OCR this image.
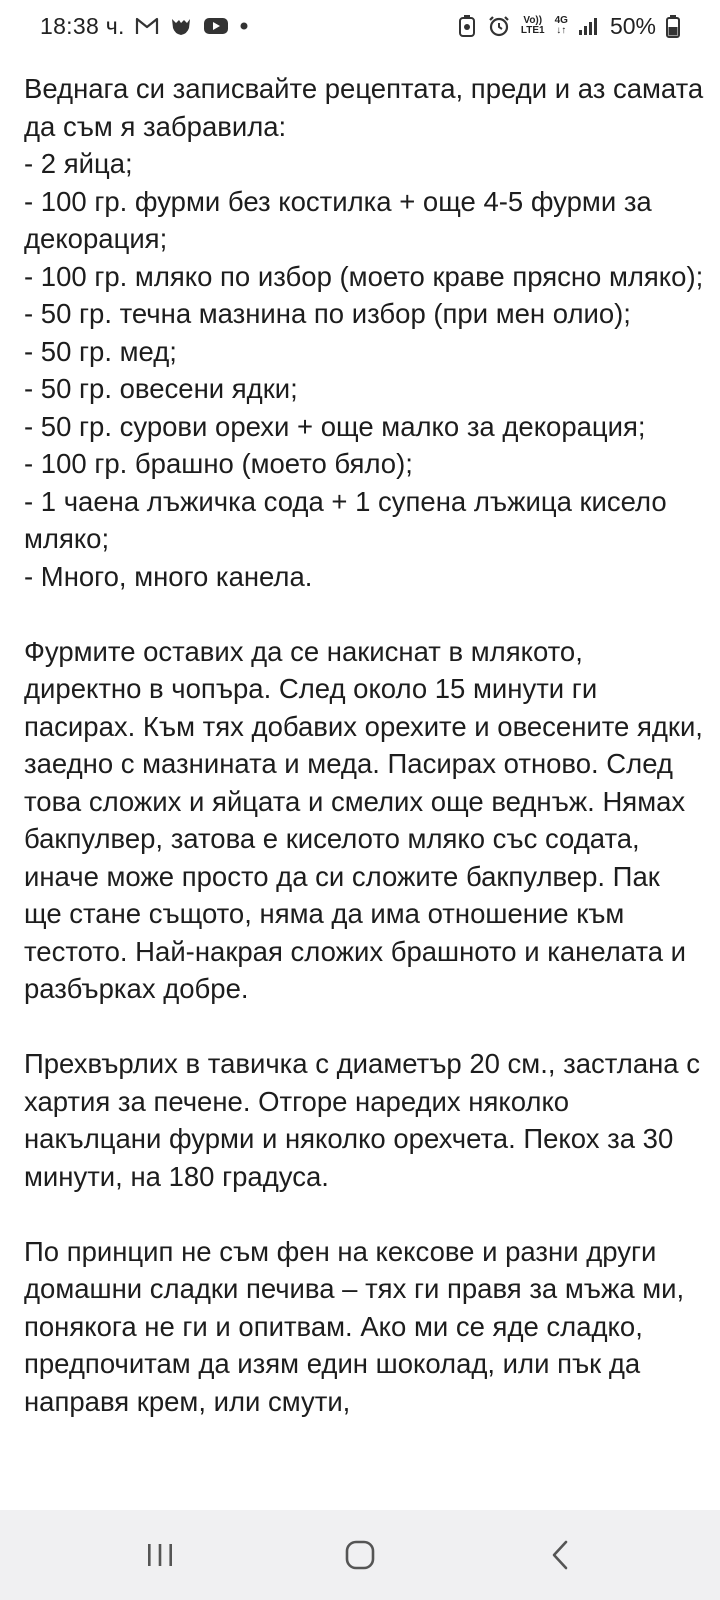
18:38 ч.	Vo))
LTE1
4G
↓↑ 50%

Веднага си записвайте рецептата, преди и аз самата да съм я забравила:

- 2 яйца;

- 100 гр. фурми без костилка + още 4-5 фурми за декорация;

- 100 гр. мляко по избор (моето краве прясно мляко);

- 50 гр. течна мазнина по избор (при мен олио);

- 50 гр. мед;

- 50 гр. овесени ядки;

- 50 гр. сурови орехи + още малко за декорация;

- 100 гр. брашно (моето бяло);

- 1 чаена лъжичка сода + 1 супена лъжица кисело мляко;

- Много, много канела.

Фурмите оставих да се накиснат в млякото, директно в чопъра. След около 15 минути ги пасирах. Към тях добавих орехите и овесените ядки, заедно с мазнината и меда. Пасирах отново. След това сложих и яйцата и смелих още веднъж. Нямах бакпулвер, затова е киселото мляко със содата, иначе може просто да си сложите бакпулвер. Пак ще стане същото, няма да има отношение към тестото. Най-накрая сложих брашното и канелата и разбърках добре.

Прехвърлих в тавичка с диаметър 20 см., застлана с хартия за печене. Отгоре наредих няколко накълцани фурми и няколко орехчета. Пекох за 30 минути, на 180 градуса.

По принцип не съм фен на кексове и разни други домашни сладки печива – тях ги правя за мъжа ми, понякога не ги и опитвам. Ако ми се яде сладко, предпочитам да изям един шоколад, или пък да направя крем, или смути,
